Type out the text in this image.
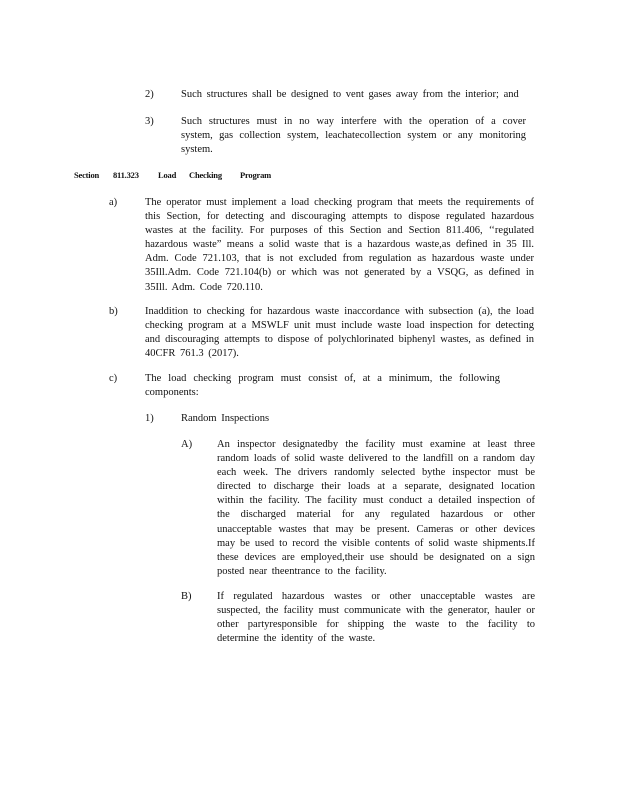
2)	Such structures shall be designed to vent gases away from the interior; and
3)	Such structures must in no way interfere with the operation of a cover system, gas collection system, leachatecollection system or any monitoring system.
Section 811.323 Load Checking Program
a)	The operator must implement a load checking program that meets the requirements of this Section, for detecting and discouraging attempts to dispose regulated hazardous wastes at the facility. For purposes of this Section and Section 811.406, ‘‘regulated hazardous waste” means a solid waste that is a hazardous waste,as defined in 35 Ill. Adm. Code 721.103, that is not excluded from regulation as hazardous waste under 35Ill.Adm. Code 721.104(b) or which was not generated by a VSQG, as defined in 35Ill. Adm. Code 720.110.
b)	Inaddition to checking for hazardous waste inaccordance with subsection (a), the load checking program at a MSWLF unit must include waste load inspection for detecting and discouraging attempts to dispose of polychlorinated biphenyl wastes, as defined in 40CFR 761.3 (2017).
c)	The load checking program must consist of, at a minimum, the following components:
1)	Random Inspections
A) An inspector designatedby the facility must examine at least three random loads of solid waste delivered to the landfill on a random day each week. The drivers randomly selected bythe inspector must be directed to discharge their loads at a separate, designated location within the facility. The facility must conduct a detailed inspection of the discharged material for any regulated hazardous or other unacceptable wastes that may be present. Cameras or other devices may be used to record the visible contents of solid waste shipments.If these devices are employed,their use should be designated on a sign posted near theentrance to the facility.
B) If regulated hazardous wastes or other unacceptable wastes are suspected, the facility must communicate with the generator, hauler or other partyresponsible for shipping the waste to the facility to determine the identity of the waste.
